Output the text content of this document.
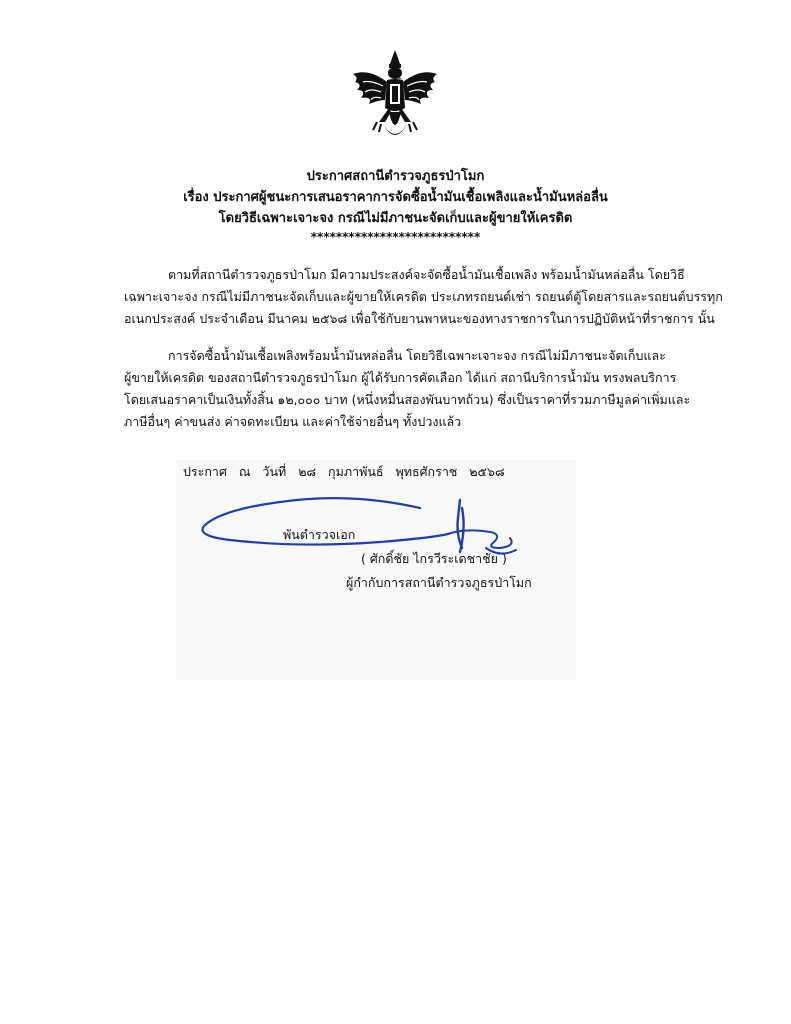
ประกาศสถานีตำรวจภูธรป่าโมก
เรื่อง ประกาศผู้ชนะการเสนอราคาการจัดซื้อน้ำมันเชื้อเพลิงและน้ำมันหล่อลื่น
โดยวิธีเฉพาะเจาะจง กรณีไม่มีภาชนะจัดเก็บและผู้ขายให้เครดิต
***************************
ตามที่สถานีตำรวจภูธรป่าโมก มีความประสงค์จะจัดซื้อน้ำมันเชื้อเพลิง พร้อมน้ำมันหล่อลื่น โดยวิธี
เฉพาะเจาะจง กรณีไม่มีภาชนะจัดเก็บและผู้ขายให้เครดิต ประเภทรถยนต์เช่า รถยนต์ตู้โดยสารและรถยนต์บรรทุก
อเนกประสงค์ ประจำเดือน มีนาคม ๒๕๖๘ เพื่อใช้กับยานพาหนะของทางราชการในการปฏิบัติหน้าที่ราชการ นั้น
การจัดซื้อน้ำมันเชื้อเพลิงพร้อมน้ำมันหล่อลื่น โดยวิธีเฉพาะเจาะจง กรณีไม่มีภาชนะจัดเก็บและ
ผู้ขายให้เครดิต ของสถานีตำรวจภูธรป่าโมก ผู้ได้รับการคัดเลือก ได้แก่ สถานีบริการน้ำมัน ทรงพลบริการ
โดยเสนอราคาเป็นเงินทั้งสิ้น ๑๒,๐๐๐ บาท (หนึ่งหมื่นสองพันบาทถ้วน) ซึ่งเป็นราคาที่รวมภาษีมูลค่าเพิ่มและ
ภาษีอื่นๆ ค่าขนส่ง ค่าจดทะเบียน และค่าใช้จ่ายอื่นๆ ทั้งปวงแล้ว
ประกาศ ณ วันที่ ๒๘ กุมภาพันธ์ พุทธศักราช ๒๕๖๘
พันตำรวจเอก
( ศักดิ์ชัย ไกรวีระเดชาชัย )
ผู้กำกับการสถานีตำรวจภูธรป่าโมก
